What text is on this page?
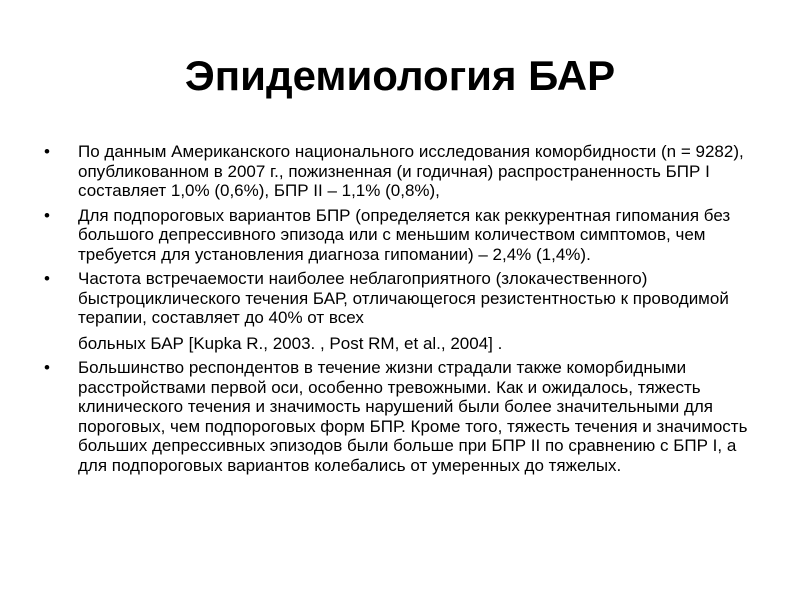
Эпидемиология БАР
•	По данным Американского национального исследования коморбидности (n = 9282), опубликованном в 2007 г., пожизненная (и годичная) распространенность БПР I составляет 1,0% (0,6%), БПР II – 1,1% (0,8%),
•	Для подпороговых вариантов БПР (определяется как реккурентная гипомания без большого депрессивного эпизода или с меньшим количеством симптомов, чем требуется для установления диагноза гипомании) – 2,4% (1,4%).
•	Частота встречаемости наиболее неблагоприятного (злокачественного) быстроциклического течения БАР, отличающегося резистентностью к проводимой терапии, составляет до 40% от всех
больных БАР [Kupka R., 2003. , Post RM, et al., 2004] .
•	Большинство респондентов в течение жизни страдали также коморбидными расстройствами первой оси, особенно тревожными. Как и ожидалось, тяжесть клинического течения и значимость нарушений были более значительными для пороговых, чем подпороговых форм БПР. Кроме того, тяжесть течения и значимость больших депрессивных эпизодов были больше при БПР II по сравнению с БПР I, а для подпороговых вариантов колебались от умеренных до тяжелых.
